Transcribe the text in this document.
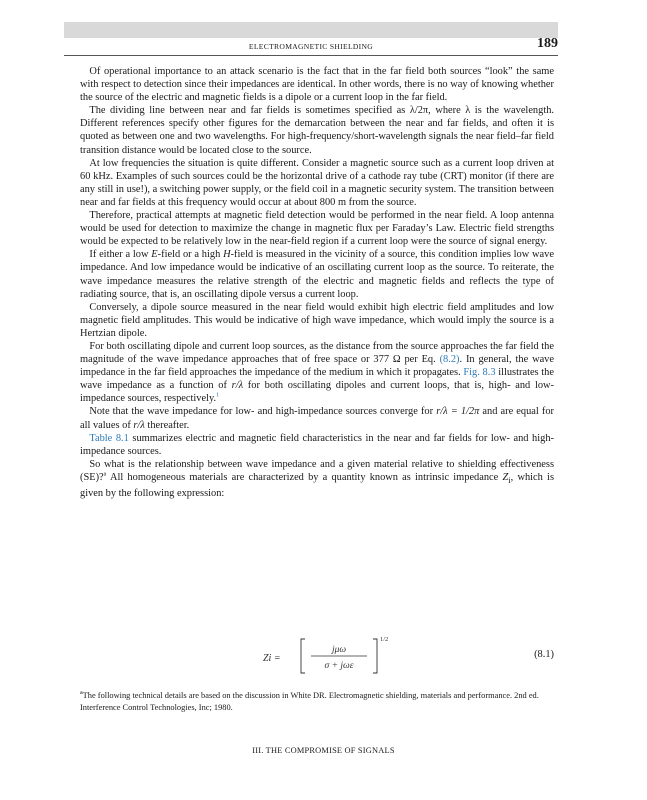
ELECTROMAGNETIC SHIELDING	189

Of operational importance to an attack scenario is the fact that in the far field both sources “look” the same with respect to detection since their impedances are identical. In other words, there is no way of knowing whether the source of the electric and magnetic fields is a dipole or a current loop in the far field.

The dividing line between near and far fields is sometimes specified as λ/2π, where λ is the wavelength. Different references specify other figures for the demarcation between the near and far fields, and often it is quoted as between one and two wavelengths. For high-frequency/short-wavelength signals the near field–far field transition distance would be located close to the source.

At low frequencies the situation is quite different. Consider a magnetic source such as a current loop driven at 60 kHz. Examples of such sources could be the horizontal drive of a cathode ray tube (CRT) monitor (if there are any still in use!), a switching power supply, or the field coil in a magnetic security system. The transition between near and far fields at this frequency would occur at about 800 m from the source.

Therefore, practical attempts at magnetic field detection would be performed in the near field. A loop antenna would be used for detection to maximize the change in magnetic flux per Faraday’s Law. Electric field strengths would be expected to be relatively low in the near-field region if a current loop were the source of signal energy.

If either a low E-field or a high H-field is measured in the vicinity of a source, this condition implies low wave impedance. And low impedance would be indicative of an oscillating current loop as the source. To reiterate, the wave impedance measures the relative strength of the electric and magnetic fields and reflects the type of radiating source, that is, an oscillating dipole versus a current loop.

Conversely, a dipole source measured in the near field would exhibit high electric field amplitudes and low magnetic field amplitudes. This would be indicative of high wave impedance, which would imply the source is a Hertzian dipole.

For both oscillating dipole and current loop sources, as the distance from the source approaches the far field the magnitude of the wave impedance approaches that of free space or 377 Ω per Eq. (8.2). In general, the wave impedance in the far field approaches the impedance of the medium in which it propagates. Fig. 8.3 illustrates the wave impedance as a function of r/λ for both oscillating dipoles and current loops, that is, high- and low-impedance sources, respectively.$^1$

Note that the wave impedance for low- and high-impedance sources converge for r/λ = 1/2π and are equal for all values of r/λ thereafter.

Table 8.1 summarizes electric and magnetic field characteristics in the near and far fields for low- and high-impedance sources.

So what is the relationship between wave impedance and a given material relative to shielding effectiveness (SE)?$^a$ All homogeneous materials are characterized by a quantity known as intrinsic impedance $Z_i$, which is given by the following expression:

Zi =
jμω
σ + jωε
1/2
(8.1)
$^a$The following technical details are based on the discussion in White DR. Electromagnetic shielding, materials and performance. 2nd ed. Interference Control Technologies, Inc; 1980.
III. THE COMPROMISE OF SIGNALS
